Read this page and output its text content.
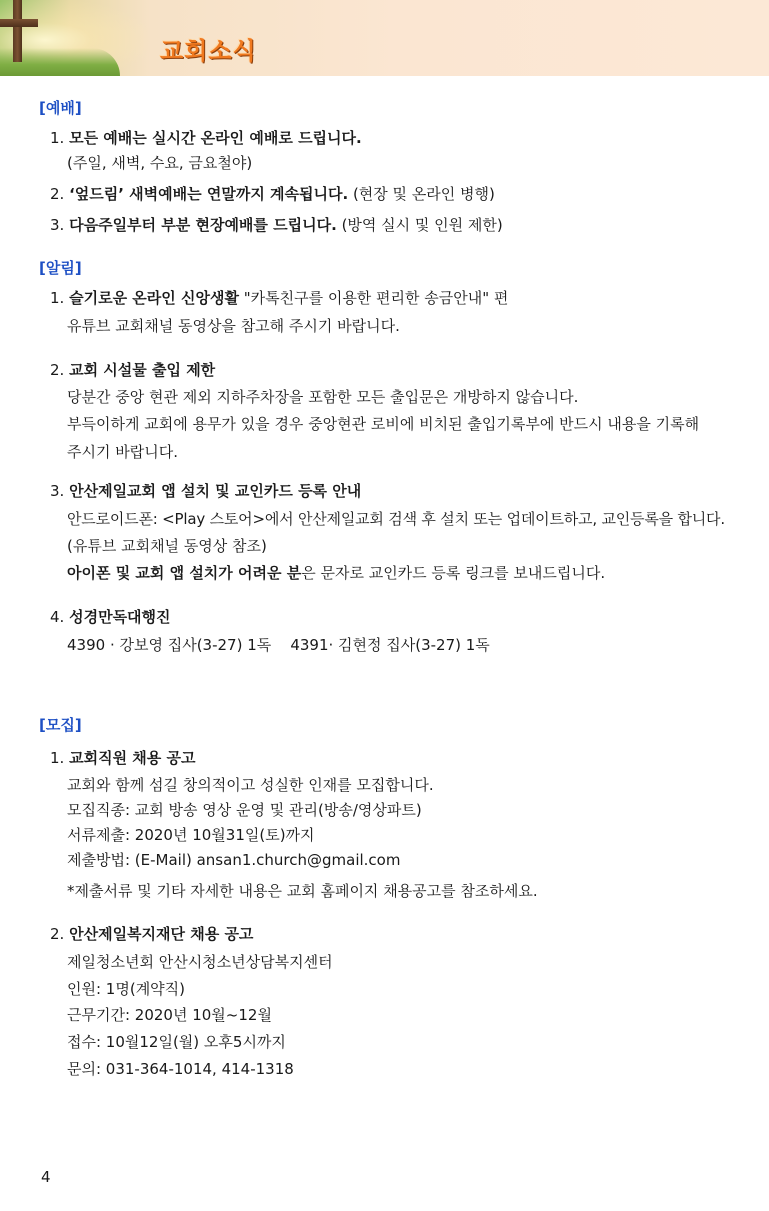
교회소식
[예배]
1. 모든 예배는 실시간 온라인 예배로 드립니다.
(주일, 새벽, 수요, 금요철야)
2. ‘엎드림’ 새벽예배는 연말까지 계속됩니다. (현장 및 온라인 병행)
3. 다음주일부터 부분 현장예배를 드립니다. (방역 실시 및 인원 제한)
[알림]
1. 슬기로운 온라인 신앙생활 "카톡친구를 이용한 편리한 송금안내" 편
유튜브 교회채널 동영상을 참고해 주시기 바랍니다.
2. 교회 시설물 출입 제한
당분간 중앙 현관 제외 지하주차장을 포함한 모든 출입문은 개방하지 않습니다.
부득이하게 교회에 용무가 있을 경우 중앙현관 로비에 비치된 출입기록부에 반드시 내용을 기록해
주시기 바랍니다.
3. 안산제일교회 앱 설치 및 교인카드 등록 안내
안드로이드폰: <Play 스토어>에서 안산제일교회 검색 후 설치 또는 업데이트하고, 교인등록을 합니다.
(유튜브 교회채널 동영상 참조)
아이폰 및 교회 앱 설치가 어려운 분은 문자로 교인카드 등록 링크를 보내드립니다.
4. 성경만독대행진
4390 · 강보영 집사(3-27) 1독    4391· 김현정 집사(3-27) 1독
[모집]
1. 교회직원 채용 공고
교회와 함께 섬길 창의적이고 성실한 인재를 모집합니다.
모집직종: 교회 방송 영상 운영 및 관리(방송/영상파트)
서류제출: 2020년 10월31일(토)까지
제출방법: (E-Mail) ansan1.church@gmail.com
*제출서류 및 기타 자세한 내용은 교회 홈페이지 채용공고를 참조하세요.
2. 안산제일복지재단 채용 공고
제일청소년회 안산시청소년상담복지센터
인원: 1명(계약직)
근무기간: 2020년 10월~12월
접수: 10월12일(월) 오후5시까지
문의: 031-364-1014, 414-1318
4
